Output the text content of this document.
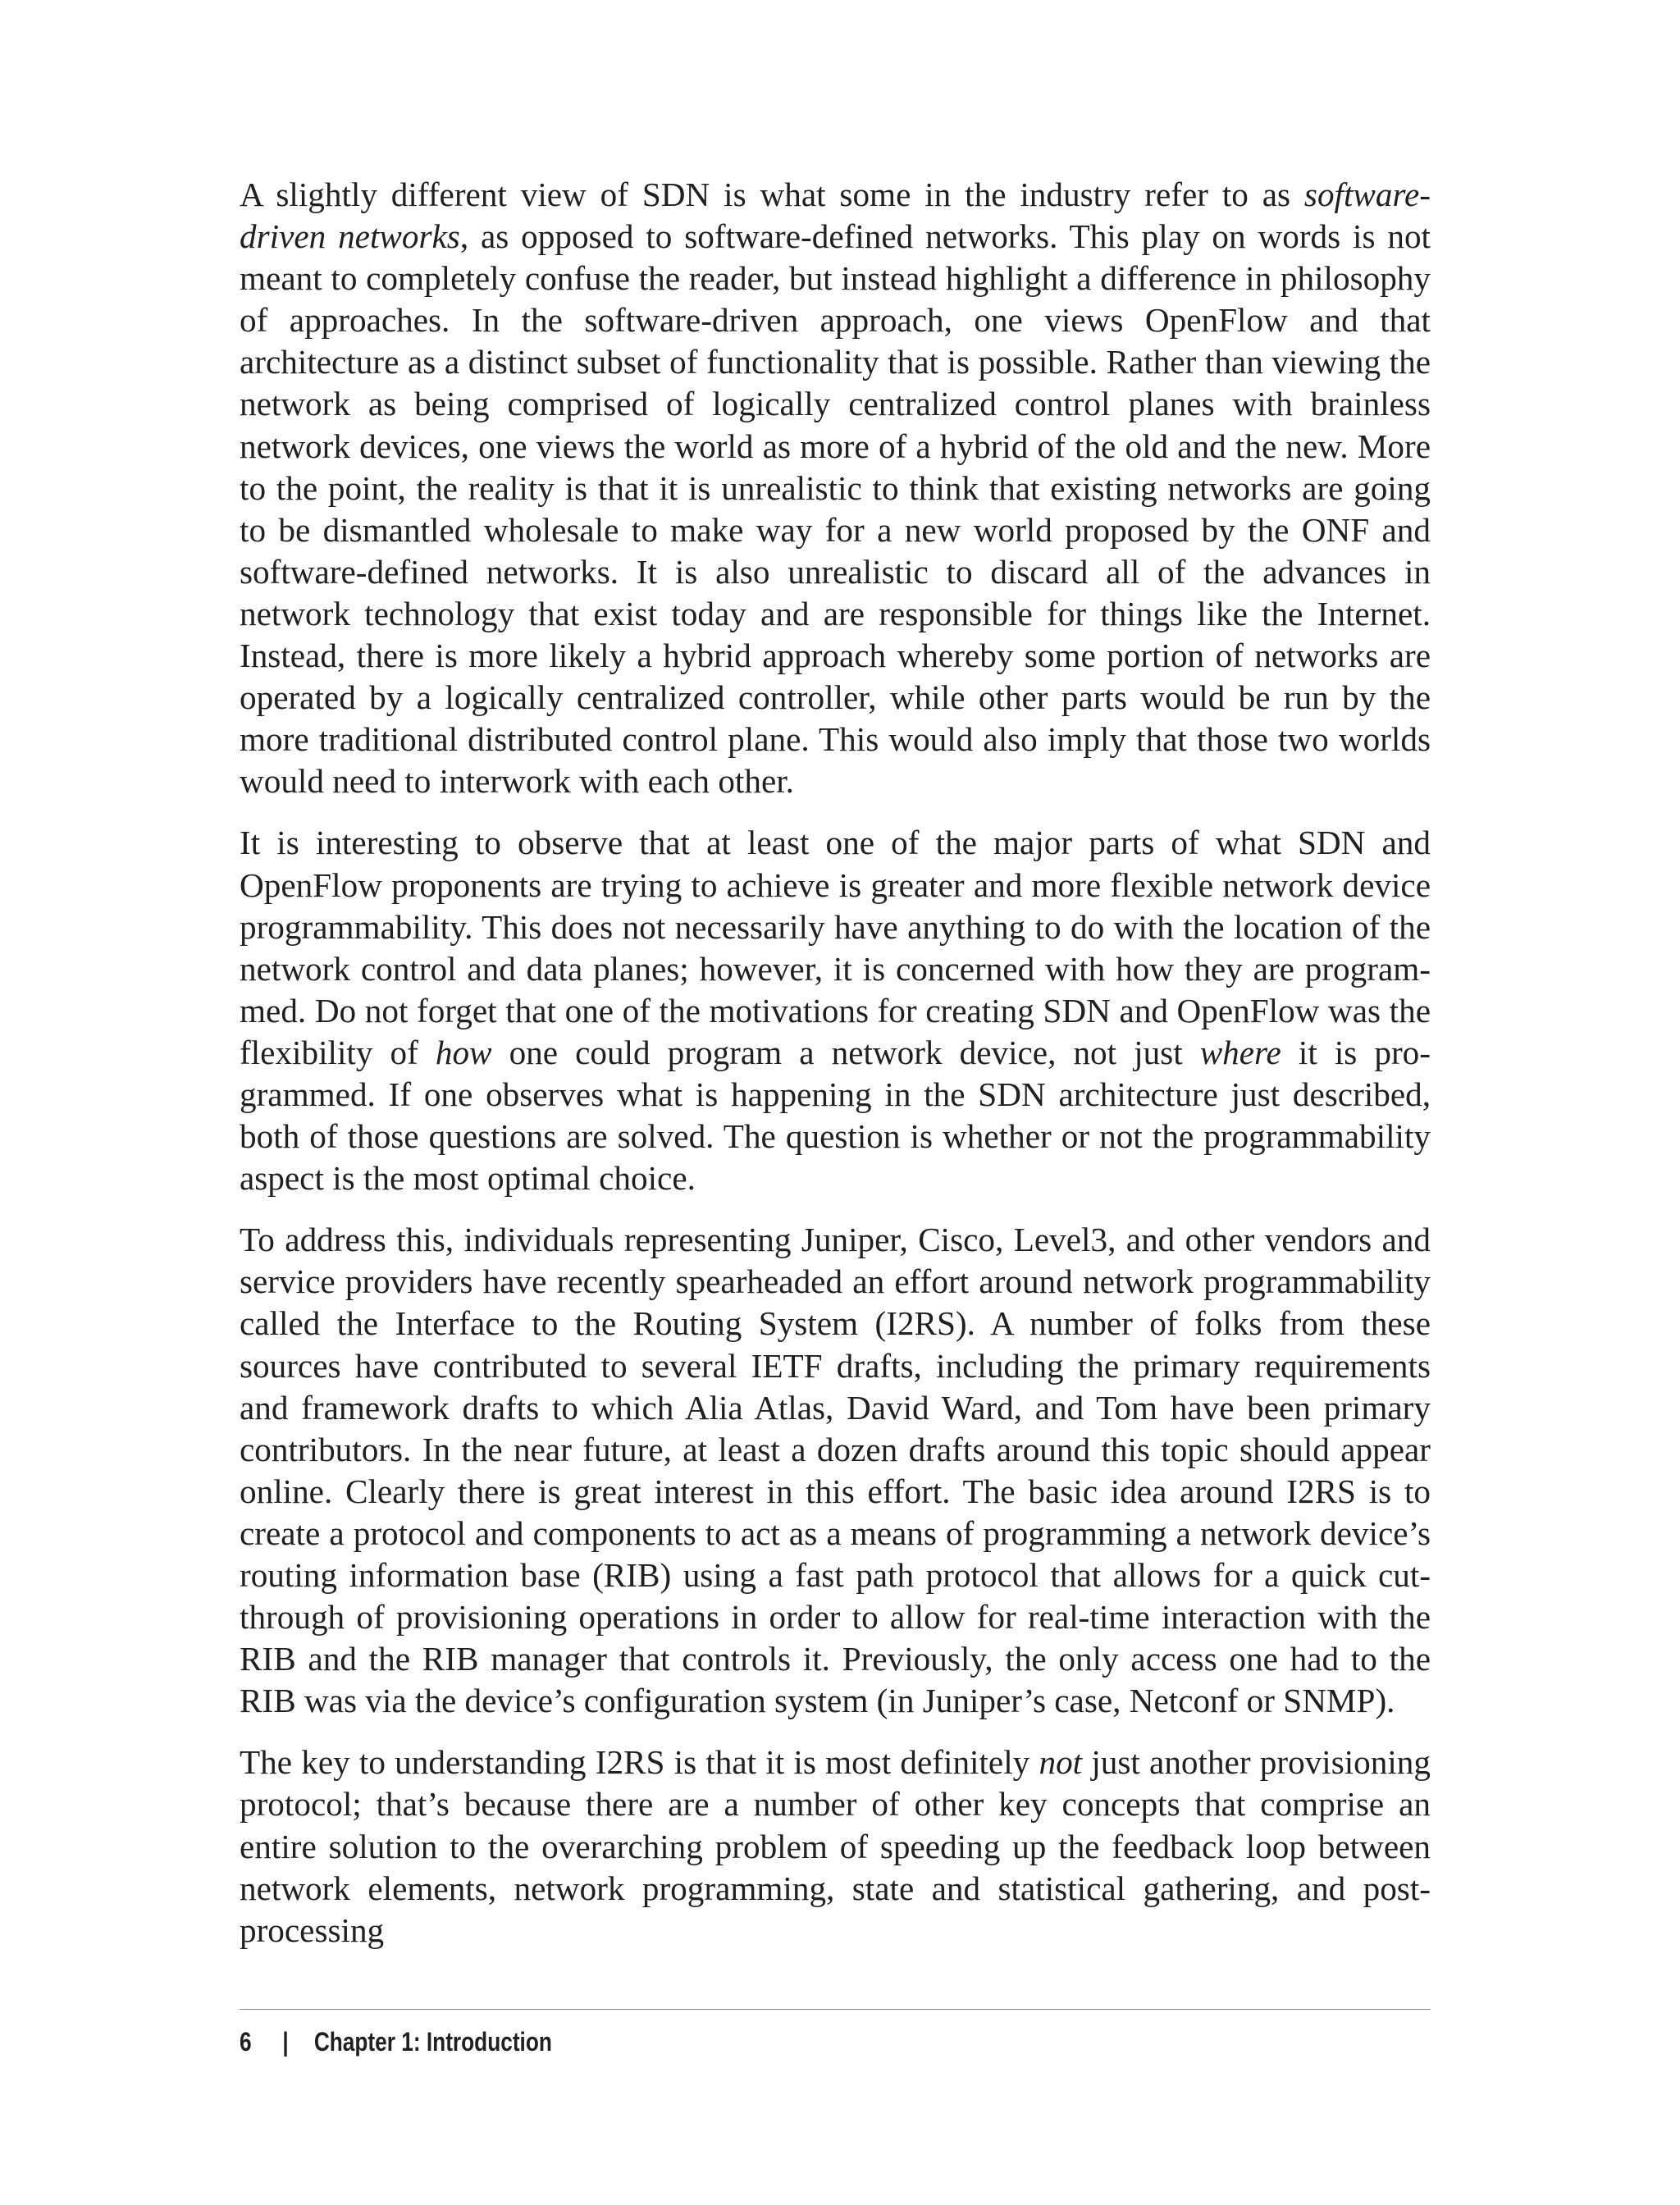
A slightly different view of SDN is what some in the industry refer to as software-driven networks, as opposed to software-defined networks. This play on words is not meant to completely confuse the reader, but instead highlight a difference in philosophy of approaches. In the software-driven approach, one views OpenFlow and that architecture as a distinct subset of functionality that is possible. Rather than viewing the network as being comprised of logically centralized control planes with brainless network devices, one views the world as more of a hybrid of the old and the new. More to the point, the reality is that it is unrealistic to think that existing networks are going to be dismantled wholesale to make way for a new world proposed by the ONF and software-defined networks. It is also unrealistic to discard all of the advances in network technology that exist today and are responsible for things like the Internet. Instead, there is more likely a hybrid approach whereby some portion of networks are operated by a logically centralized controller, while other parts would be run by the more traditional distributed control plane. This would also imply that those two worlds would need to interwork with each other.

It is interesting to observe that at least one of the major parts of what SDN and OpenFlow proponents are trying to achieve is greater and more flexible network device programmability. This does not necessarily have anything to do with the location of the network control and data planes; however, it is concerned with how they are programmed. Do not forget that one of the motivations for creating SDN and OpenFlow was the flexibility of how one could program a network device, not just where it is programmed. If one observes what is happening in the SDN architecture just described, both of those questions are solved. The question is whether or not the programmability aspect is the most optimal choice.

To address this, individuals representing Juniper, Cisco, Level3, and other vendors and service providers have recently spearheaded an effort around network programmability called the Interface to the Routing System (I2RS). A number of folks from these sources have contributed to several IETF drafts, including the primary requirements and framework drafts to which Alia Atlas, David Ward, and Tom have been primary contributors. In the near future, at least a dozen drafts around this topic should appear online. Clearly there is great interest in this effort. The basic idea around I2RS is to create a protocol and components to act as a means of programming a network device’s routing information base (RIB) using a fast path protocol that allows for a quick cut-through of provisioning operations in order to allow for real-time interaction with the RIB and the RIB manager that controls it. Previously, the only access one had to the RIB was via the device’s configuration system (in Juniper’s case, Netconf or SNMP).

The key to understanding I2RS is that it is most definitely not just another provisioning protocol; that’s because there are a number of other key concepts that comprise an entire solution to the overarching problem of speeding up the feedback loop between network elements, network programming, state and statistical gathering, and post-processing

6 | Chapter 1: Introduction
